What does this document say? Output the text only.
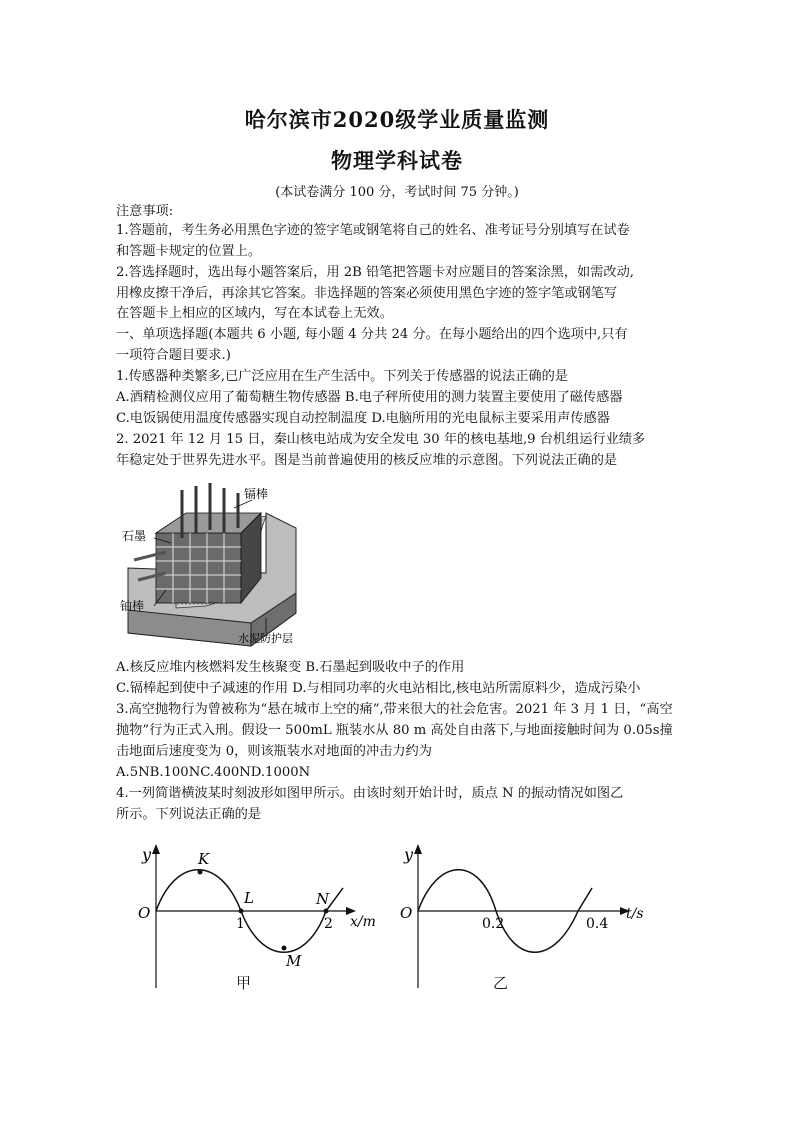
哈尔滨市2020级学业质量监测
物理学科试卷
(本试卷满分 100 分，考试时间 75 分钟。)
注意事项:
1.答题前，考生务必用黑色字迹的签字笔或钢笔将自己的姓名、准考证号分别填写在试卷
和答题卡规定的位置上。
2.答选择题时，选出每小题答案后，用 2B 铅笔把答题卡对应题目的答案涂黑，如需改动,
用橡皮擦干净后，再涂其它答案。非选择题的答案必须使用黑色字迹的签字笔或钢笔写
在答题卡上相应的区域内，写在本试卷上无效。
一、单项选择题(本题共 6 小题, 每小题 4 分共 24 分。在每小题给出的四个选项中,只有
一项符合题目要求.)
1.传感器种类繁多,已广泛应用在生产生活中。下列关于传感器的说法正确的是
A.酒精检测仪应用了葡萄糖生物传感器 B.电子秤所使用的测力装置主要使用了磁传感器
C.电饭锅使用温度传感器实现自动控制温度 D.电脑所用的光电鼠标主要采用声传感器
2. 2021 年 12 月 15 日，秦山核电站成为安全发电 30 年的核电基地,9 台机组运行业绩多
年稳定处于世界先进水平。图是当前普遍使用的核反应堆的示意图。下列说法正确的是
镉棒
石墨
铀棒
水泥防护层
A.核反应堆内核燃料发生核聚变 B.石墨起到吸收中子的作用
C.镉棒起到使中子减速的作用 D.与相同功率的火电站相比,核电站所需原料少，造成污染小
3.高空抛物行为曾被称为“悬在城市上空的痛”,带来很大的社会危害。2021 年 3 月 1 日，“高空
抛物”行为正式入刑。假设一 500mL 瓶装水从 80 m 高处自由落下,与地面接触时间为 0.05s撞
击地面后速度变为 0，则该瓶装水对地面的冲击力约为
A.5NB.100NC.400ND.1000N
4.一列简谐横波某时刻波形如图甲所示。由该时刻开始计时，质点 N 的振动情况如图乙
所示。下列说法正确的是
y
O	x/m
1	2
K
L
M
N
甲
y
O	t/s
0.2	0.4
乙
